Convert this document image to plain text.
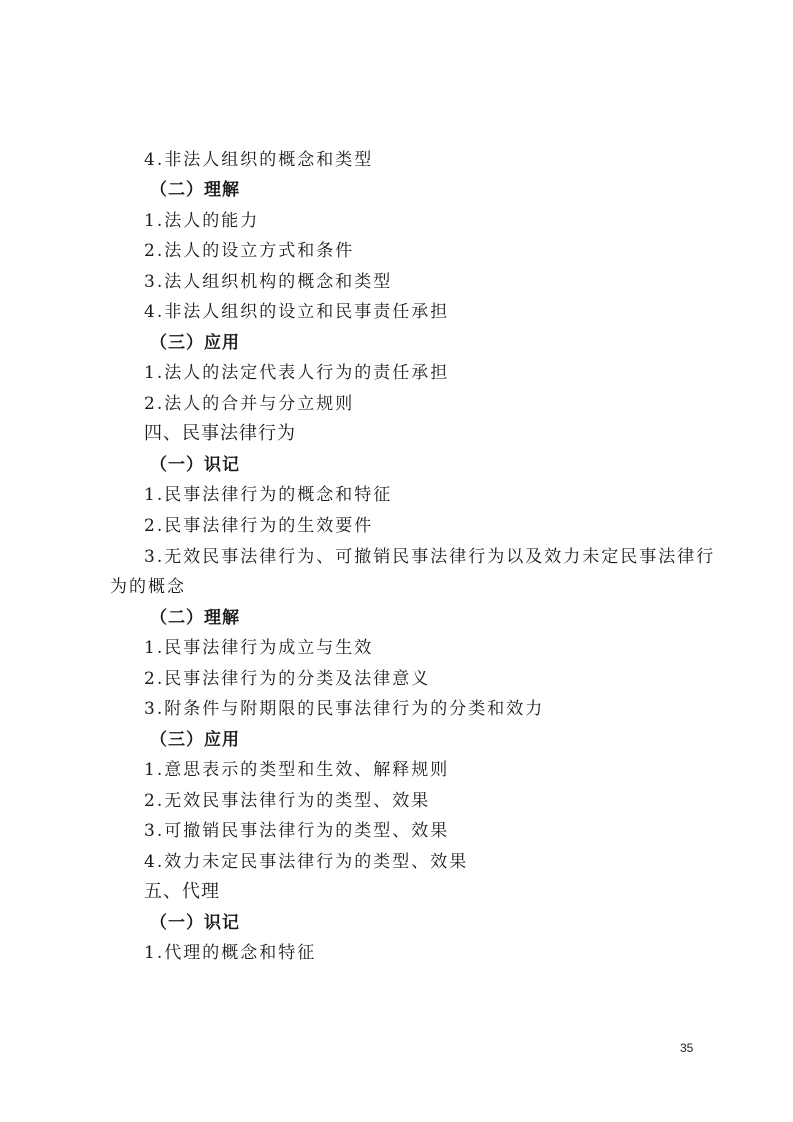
4.非法人组织的概念和类型
（二）理解
1.法人的能力
2.法人的设立方式和条件
3.法人组织机构的概念和类型
4.非法人组织的设立和民事责任承担
（三）应用
1.法人的法定代表人行为的责任承担
2.法人的合并与分立规则
四、民事法律行为
（一）识记
1.民事法律行为的概念和特征
2.民事法律行为的生效要件
3.无效民事法律行为、可撤销民事法律行为以及效力未定民事法律行
为的概念
（二）理解
1.民事法律行为成立与生效
2.民事法律行为的分类及法律意义
3.附条件与附期限的民事法律行为的分类和效力
（三）应用
1.意思表示的类型和生效、解释规则
2.无效民事法律行为的类型、效果
3.可撤销民事法律行为的类型、效果
4.效力未定民事法律行为的类型、效果
五、代理
（一）识记
1.代理的概念和特征
35
